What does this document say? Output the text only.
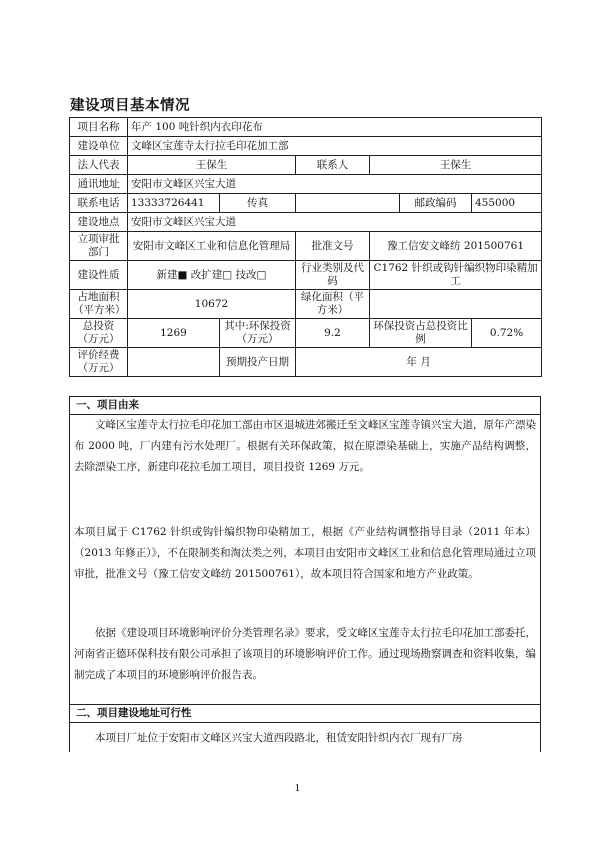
建设项目基本情况
项目名称	年产 100 吨针织内衣印花布					
建设单位	文峰区宝莲寺太行拉毛印花加工部					
法人代表	王保生		联系人	王保生		
通讯地址	安阳市文峰区兴宝大道					
联系电话	13333726441	传真			邮政编码	455000
建设地点	安阳市文峰区兴宝大道					
立项审批部门	安阳市文峰区工业和信息化管理局		批准文号	豫工信安文峰纺 201500761		
建设性质	新建■ 改扩建□ 技改□		行业类别及代码	C1762 针织或钩针编织物印染精加工		
占地面积（平方米）	10672		绿化面积（平方米）			
总投资（万元）	1269	其中:环保投资（万元）	9.2	环保投资占总投资比例		0.72%
评价经费（万元）		预期投产日期	年 月			
一、项目由来

文峰区宝莲寺太行拉毛印花加工部由市区退城进郊搬迁至文峰区宝莲寺镇兴宝大道，原年产漂染布 2000 吨，厂内建有污水处理厂。根据有关环保政策，拟在原漂染基础上，实施产品结构调整，去除漂染工序，新建印花拉毛加工项目，项目投资 1269 万元。

本项目属于 C1762 针织或钩针编织物印染精加工，根据《产业结构调整指导目录（2011 年本）（2013 年修正）》，不在限制类和淘汰类之列，本项目由安阳市文峰区工业和信息化管理局通过立项审批，批准文号（豫工信安文峰纺 201500761），故本项目符合国家和地方产业政策。

依据《建设项目环境影响评价分类管理名录》要求，受文峰区宝莲寺太行拉毛印花加工部委托，河南省正德环保科技有限公司承担了该项目的环境影响评价工作。通过现场勘察调查和资料收集，编制完成了本项目的环境影响评价报告表。

二、项目建设地址可行性

本项目厂址位于安阳市文峰区兴宝大道西段路北，租赁安阳针织内衣厂现有厂房

1
